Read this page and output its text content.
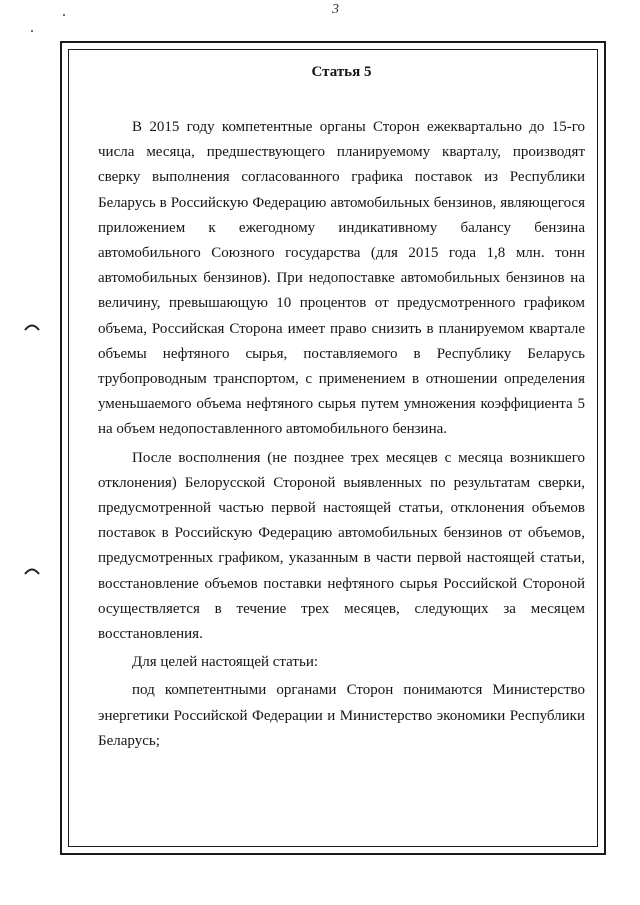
3
Статья 5

В 2015 году компетентные органы Сторон ежеквартально до 15-го числа месяца, предшествующего планируемому кварталу, производят сверку выполнения согласованного графика поставок из Республики Беларусь в Российскую Федерацию автомобильных бензинов, являющегося приложением к ежегодному индикативному балансу бензина автомобильного Союзного государства (для 2015 года 1,8 млн. тонн автомобильных бензинов). При недопоставке автомобильных бензинов на величину, превышающую 10 процентов от предусмотренного графиком объема, Российская Сторона имеет право снизить в планируемом квартале объемы нефтяного сырья, поставляемого в Республику Беларусь трубопроводным транспортом, с применением в отношении определения уменьшаемого объема нефтяного сырья путем умножения коэффициента 5 на объем недопоставленного автомобильного бензина.

После восполнения (не позднее трех месяцев с месяца возникшего отклонения) Белорусской Стороной выявленных по результатам сверки, предусмотренной частью первой настоящей статьи, отклонения объемов поставок в Российскую Федерацию автомобильных бензинов от объемов, предусмотренных графиком, указанным в части первой настоящей статьи, восстановление объемов поставки нефтяного сырья Российской Стороной осуществляется в течение трех месяцев, следующих за месяцем восстановления.

Для целей настоящей статьи:

под компетентными органами Сторон понимаются Министерство энергетики Российской Федерации и Министерство экономики Республики Беларусь;
